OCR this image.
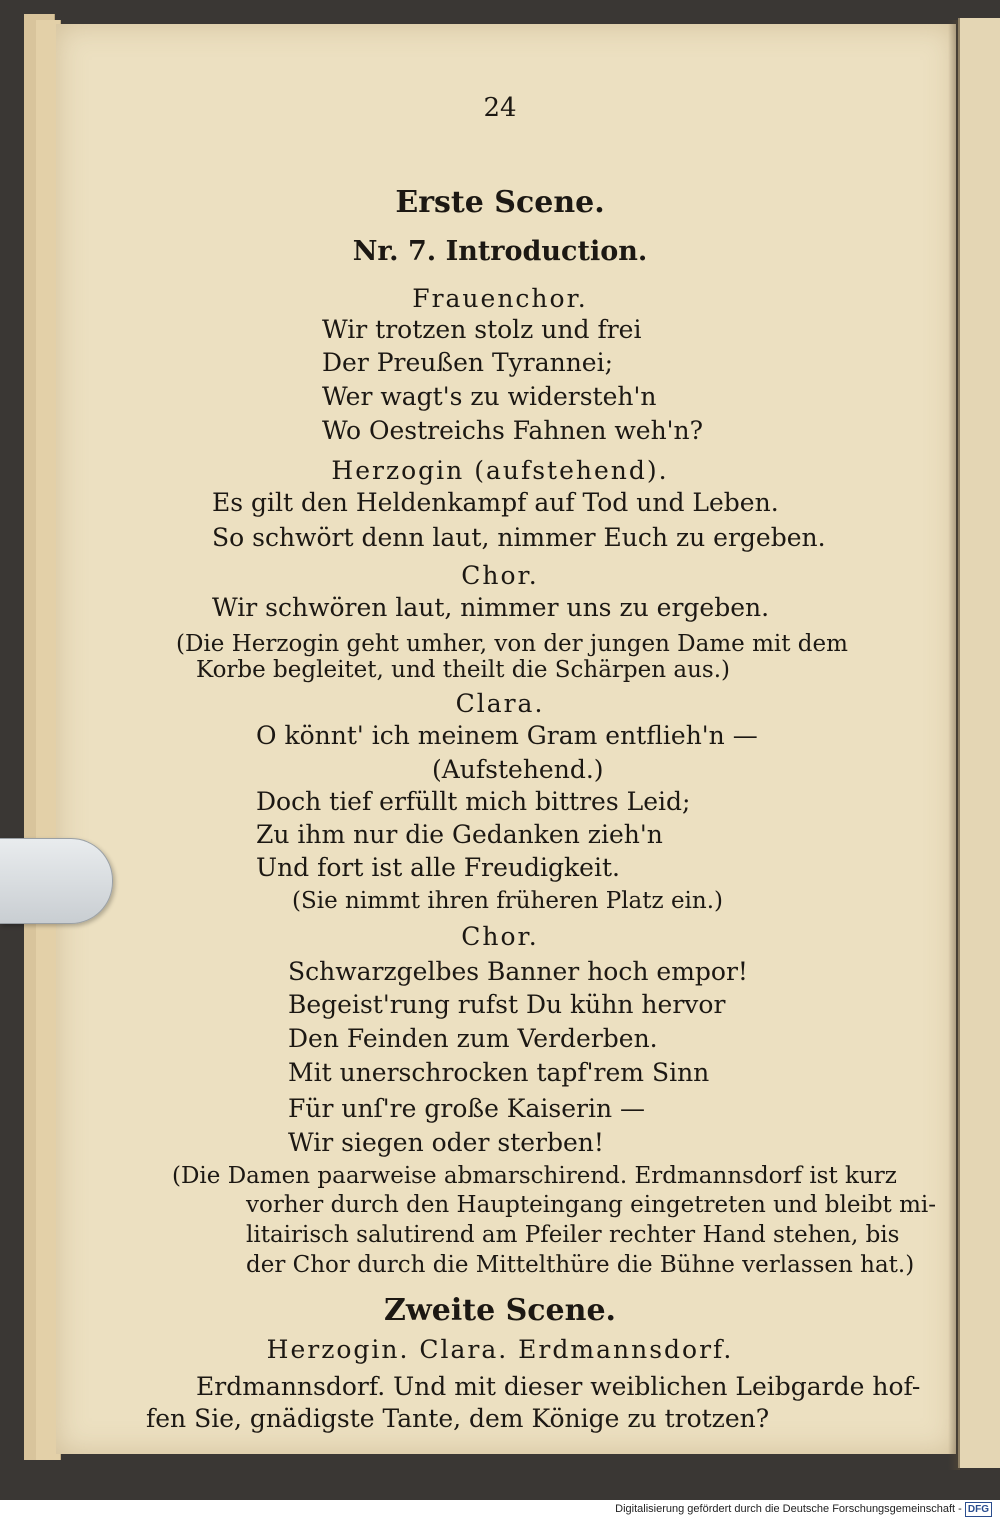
24
Erste Scene.
Nr. 7. Introduction.
Frauenchor.
Wir trotzen stolz und frei
Der Preußen Tyrannei;
Wer wagt's zu widersteh'n
Wo Oestreichs Fahnen weh'n?
Herzogin (aufstehend).
Es gilt den Heldenkampf auf Tod und Leben.
So schwört denn laut, nimmer Euch zu ergeben.
Chor.
Wir schwören laut, nimmer uns zu ergeben.
(Die Herzogin geht umher, von der jungen Dame mit dem
Korbe begleitet, und theilt die Schärpen aus.)
Clara.
O könnt' ich meinem Gram entflieh'n —
(Aufstehend.)
Doch tief erfüllt mich bittres Leid;
Zu ihm nur die Gedanken zieh'n
Und fort ist alle Freudigkeit.
(Sie nimmt ihren früheren Platz ein.)
Chor.
Schwarzgelbes Banner hoch empor!
Begeist'rung rufst Du kühn hervor
Den Feinden zum Verderben.
Mit unerschrocken tapf'rem Sinn
Für unſ're große Kaiserin —
Wir siegen oder sterben!
(Die Damen paarweise abmarschirend. Erdmannsdorf ist kurz
vorher durch den Haupteingang eingetreten und bleibt mi-
litairisch salutirend am Pfeiler rechter Hand stehen, bis
der Chor durch die Mittelthüre die Bühne verlassen hat.)
Zweite Scene.
Herzogin. Clara. Erdmannsdorf.
Erdmannsdorf. Und mit dieser weiblichen Leibgarde hof-
fen Sie, gnädigste Tante, dem Könige zu trotzen?
Digitalisierung gefördert durch die Deutsche Forschungsgemeinschaft - DFG
